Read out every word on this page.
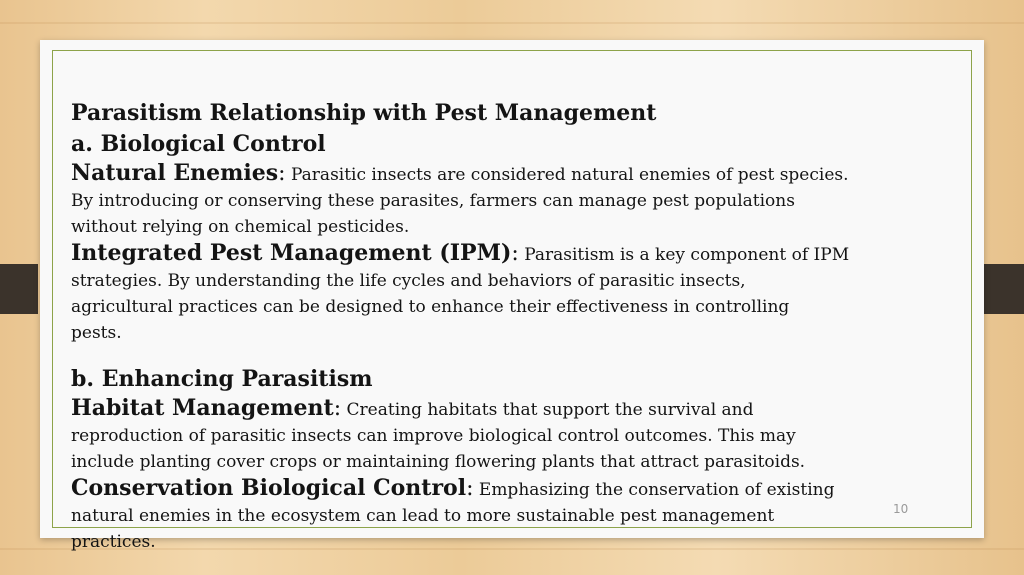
10
Parasitism Relationship with Pest Management
a. Biological Control
Natural Enemies: Parasitic insects are considered natural enemies of pest species.
By introducing or conserving these parasites, farmers can manage pest populations
without relying on chemical pesticides.
Integrated Pest Management (IPM): Parasitism is a key component of IPM
strategies. By understanding the life cycles and behaviors of parasitic insects,
agricultural practices can be designed to enhance their effectiveness in controlling
pests.
b. Enhancing Parasitism
Habitat Management: Creating habitats that support the survival and
reproduction of parasitic insects can improve biological control outcomes. This may
include planting cover crops or maintaining flowering plants that attract parasitoids.
Conservation Biological Control: Emphasizing the conservation of existing
natural enemies in the ecosystem can lead to more sustainable pest management
practices.
